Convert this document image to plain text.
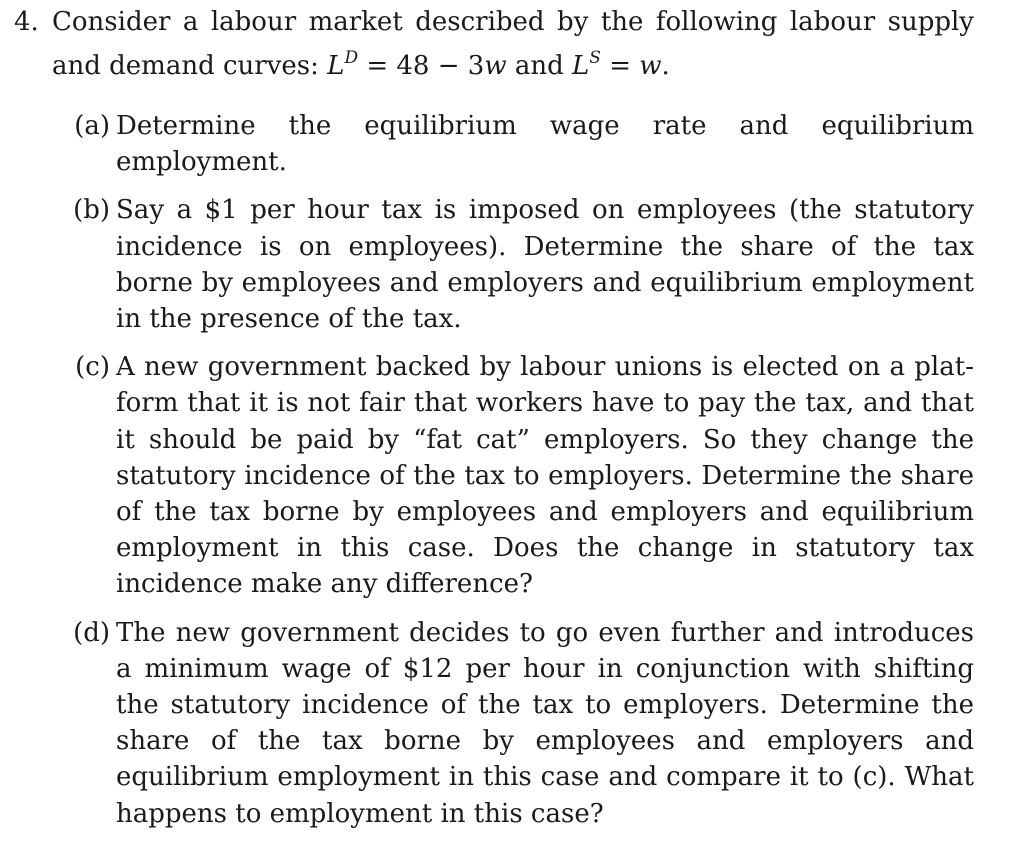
4. Consider a labour market described by the following labour supply and demand curves: $L^D = 48 - 3w$ and $L^S = w$.
(a) Determine the equilibrium wage rate and equilibrium employment.
(b) Say a $1 per hour tax is imposed on employees (the statutory incidence is on employees). Determine the share of the tax borne by employees and employers and equilibrium employment in the presence of the tax.
(c) A new government backed by labour unions is elected on a platform that it is not fair that workers have to pay the tax, and that it should be paid by “fat cat” employers. So they change the statutory incidence of the tax to employers. Determine the share of the tax borne by employees and employers and equilibrium employment in this case. Does the change in statutory tax incidence make any difference?
(d) The new government decides to go even further and introduces a minimum wage of $12 per hour in conjunction with shifting the statutory incidence of the tax to employers. Determine the share of the tax borne by employees and employers and equilibrium employment in this case and compare it to (c). What happens to employment in this case?
